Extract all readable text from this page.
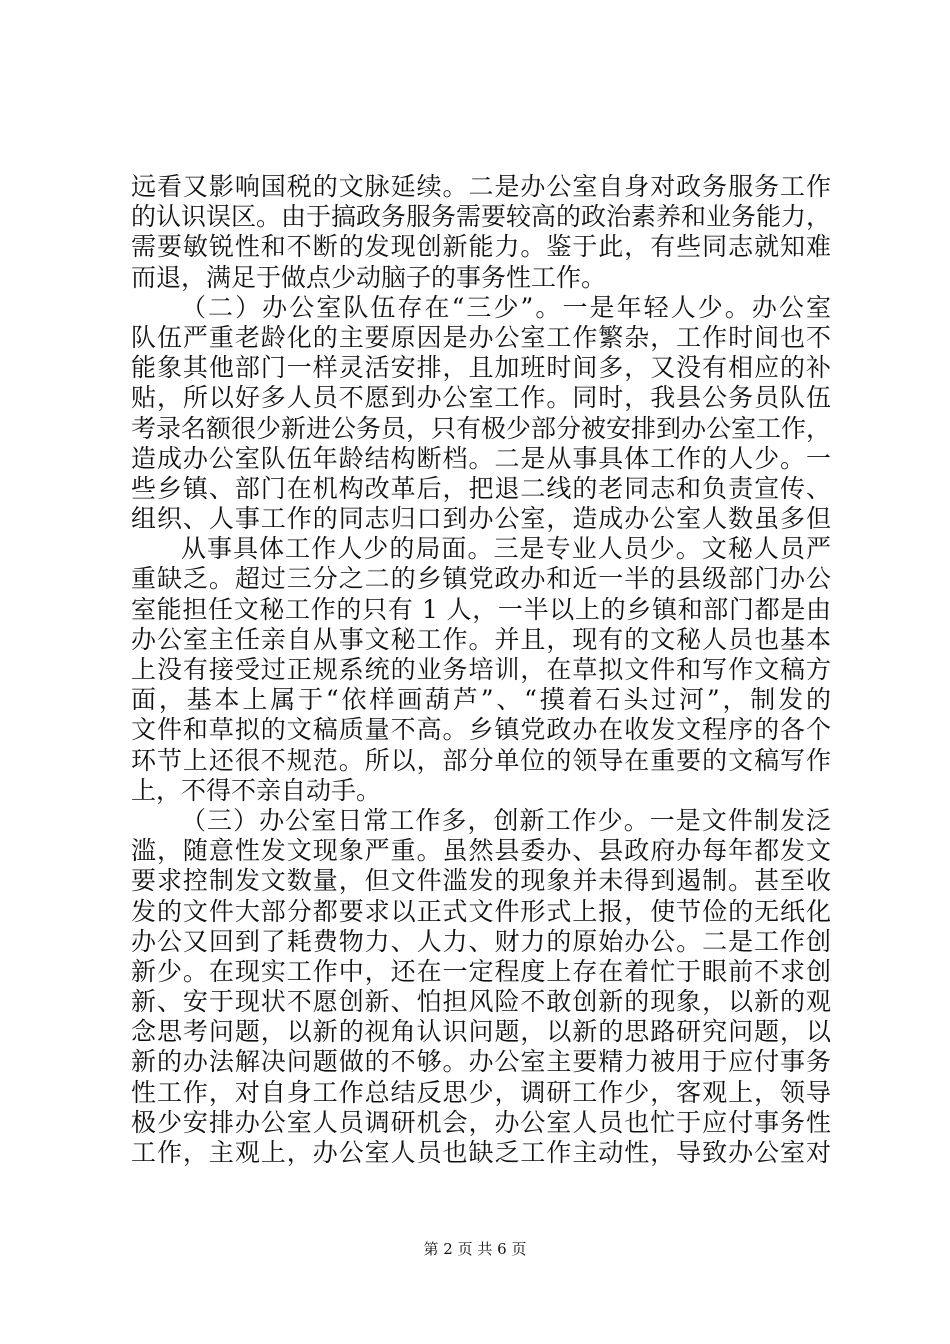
远看又影响国税的文脉延续。二是办公室自身对政务服务工作
的认识误区。由于搞政务服务需要较高的政治素养和业务能力，
需要敏锐性和不断的发现创新能力。鉴于此，有些同志就知难
而退，满足于做点少动脑子的事务性工作。
（二）办公室队伍存在“三少”。一是年轻人少。办公室
队伍严重老龄化的主要原因是办公室工作繁杂，工作时间也不
能象其他部门一样灵活安排，且加班时间多，又没有相应的补
贴，所以好多人员不愿到办公室工作。同时，我县公务员队伍
考录名额很少新进公务员，只有极少部分被安排到办公室工作，
造成办公室队伍年龄结构断档。二是从事具体工作的人少。一
些乡镇、部门在机构改革后，把退二线的老同志和负责宣传、
组织、人事工作的同志归口到办公室，造成办公室人数虽多但
从事具体工作人少的局面。三是专业人员少。文秘人员严
重缺乏。超过三分之二的乡镇党政办和近一半的县级部门办公
室能担任文秘工作的只有 1 人，一半以上的乡镇和部门都是由
办公室主任亲自从事文秘工作。并且，现有的文秘人员也基本
上没有接受过正规系统的业务培训，在草拟文件和写作文稿方
面，基本上属于“依样画葫芦”、“摸着石头过河”，制发的
文件和草拟的文稿质量不高。乡镇党政办在收发文程序的各个
环节上还很不规范。所以，部分单位的领导在重要的文稿写作
上，不得不亲自动手。
（三）办公室日常工作多，创新工作少。一是文件制发泛
滥，随意性发文现象严重。虽然县委办、县政府办每年都发文
要求控制发文数量，但文件滥发的现象并未得到遏制。甚至收
发的文件大部分都要求以正式文件形式上报，使节俭的无纸化
办公又回到了耗费物力、人力、财力的原始办公。二是工作创
新少。在现实工作中，还在一定程度上存在着忙于眼前不求创
新、安于现状不愿创新、怕担风险不敢创新的现象，以新的观
念思考问题，以新的视角认识问题，以新的思路研究问题，以
新的办法解决问题做的不够。办公室主要精力被用于应付事务
性工作，对自身工作总结反思少，调研工作少，客观上，领导
极少安排办公室人员调研机会，办公室人员也忙于应付事务性
工作，主观上，办公室人员也缺乏工作主动性，导致办公室对
第 2 页 共 6 页
